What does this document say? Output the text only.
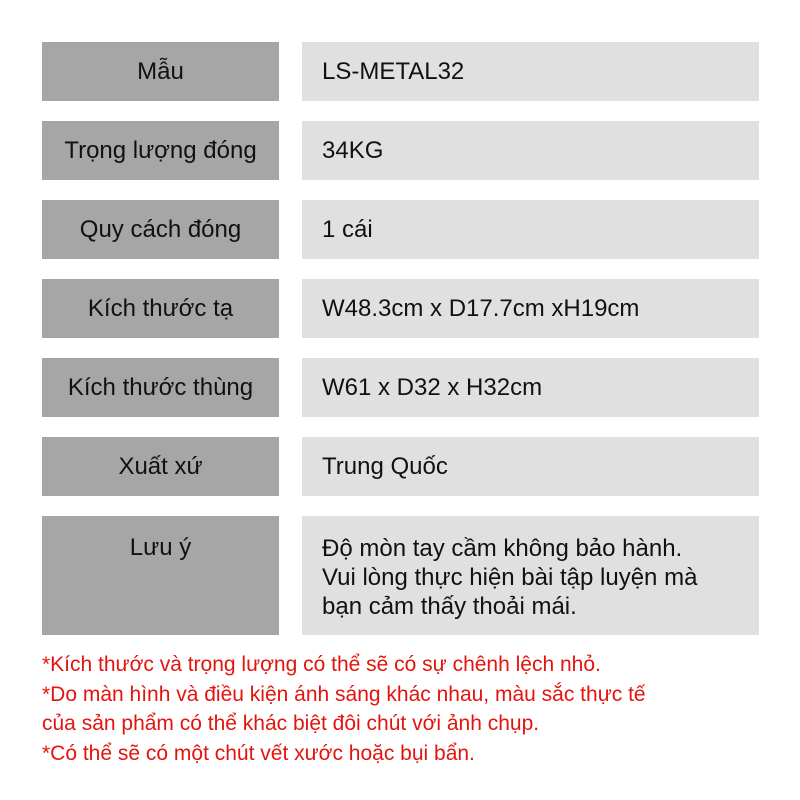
Mẫu	LS-METAL32
Trọng lượng đóng	34KG
Quy cách đóng	1 cái
Kích thước tạ	W48.3cm x D17.7cm xH19cm
Kích thước thùng	W61 x D32 x H32cm
Xuất xứ	Trung Quốc
Lưu ý	Độ mòn tay cầm không bảo hành.
Vui lòng thực hiện bài tập luyện mà
bạn cảm thấy thoải mái.
*Kích thước và trọng lượng có thể sẽ có sự chênh lệch nhỏ.
*Do màn hình và điều kiện ánh sáng khác nhau, màu sắc thực tế
của sản phẩm có thể khác biệt đôi chút với ảnh chụp.
*Có thể sẽ có một chút vết xước hoặc bụi bẩn.
